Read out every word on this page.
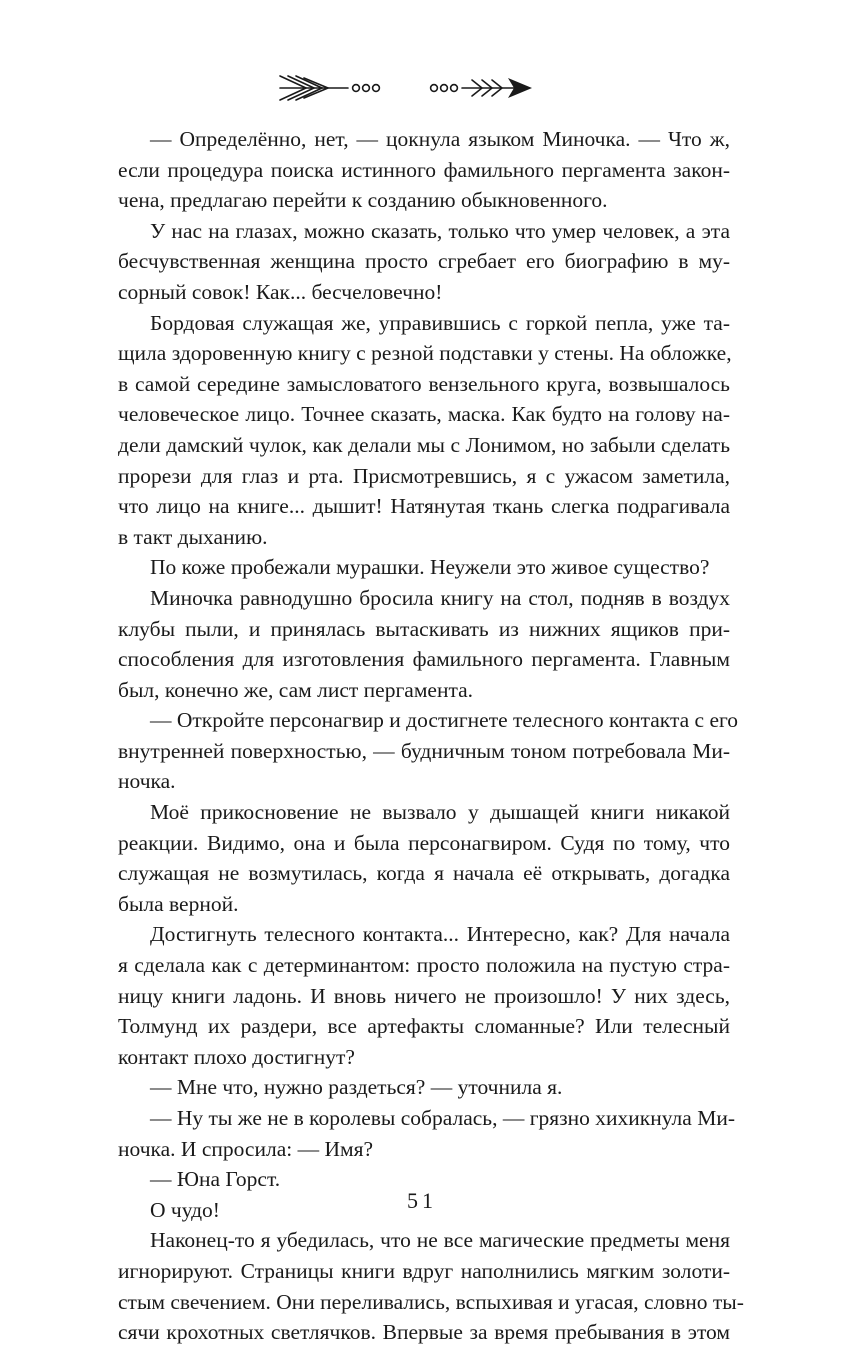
— Определённо, нет, — цокнула языком Миночка. — Что ж,
если процедура поиска истинного фамильного пергамента закон-
чена, предлагаю перейти к созданию обыкновенного.
У нас на глазах, можно сказать, только что умер человек, а эта
бесчувственная женщина просто сгребает его биографию в му-
сорный совок! Как... бесчеловечно!
Бордовая служащая же, управившись с горкой пепла, уже та-
щила здоровенную книгу с резной подставки у стены. На обложке,
в самой середине замысловатого вензельного круга, возвышалось
человеческое лицо. Точнее сказать, маска. Как будто на голову на-
дели дамский чулок, как делали мы с Лонимом, но забыли сделать
прорези для глаз и рта. Присмотревшись, я с ужасом заметила,
что лицо на книге... дышит! Натянутая ткань слегка подрагивала
в такт дыханию.
По коже пробежали мурашки. Неужели это живое существо?
Миночка равнодушно бросила книгу на стол, подняв в воздух
клубы пыли, и принялась вытаскивать из нижних ящиков при-
способления для изготовления фамильного пергамента. Главным
был, конечно же, сам лист пергамента.
— Откройте персонагвир и достигнете телесного контакта с его
внутренней поверхностью, — будничным тоном потребовала Ми-
ночка.
Моё прикосновение не вызвало у дышащей книги никакой
реакции. Видимо, она и была персонагвиром. Судя по тому, что
служащая не возмутилась, когда я начала её открывать, догадка
была верной.
Достигнуть телесного контакта... Интересно, как? Для начала
я сделала как с детерминантом: просто положила на пустую стра-
ницу книги ладонь. И вновь ничего не произошло! У них здесь,
Толмунд их раздери, все артефакты сломанные? Или телесный
контакт плохо достигнут?
— Мне что, нужно раздеться? — уточнила я.
— Ну ты же не в королевы собралась, — грязно хихикнула Ми-
ночка. И спросила: — Имя?
— Юна Горст.
О чудо!
Наконец-то я убедилась, что не все магические предметы меня
игнорируют. Страницы книги вдруг наполнились мягким золоти-
стым свечением. Они переливались, вспыхивая и угасая, словно ты-
сячи крохотных светлячков. Впервые за время пребывания в этом
51
